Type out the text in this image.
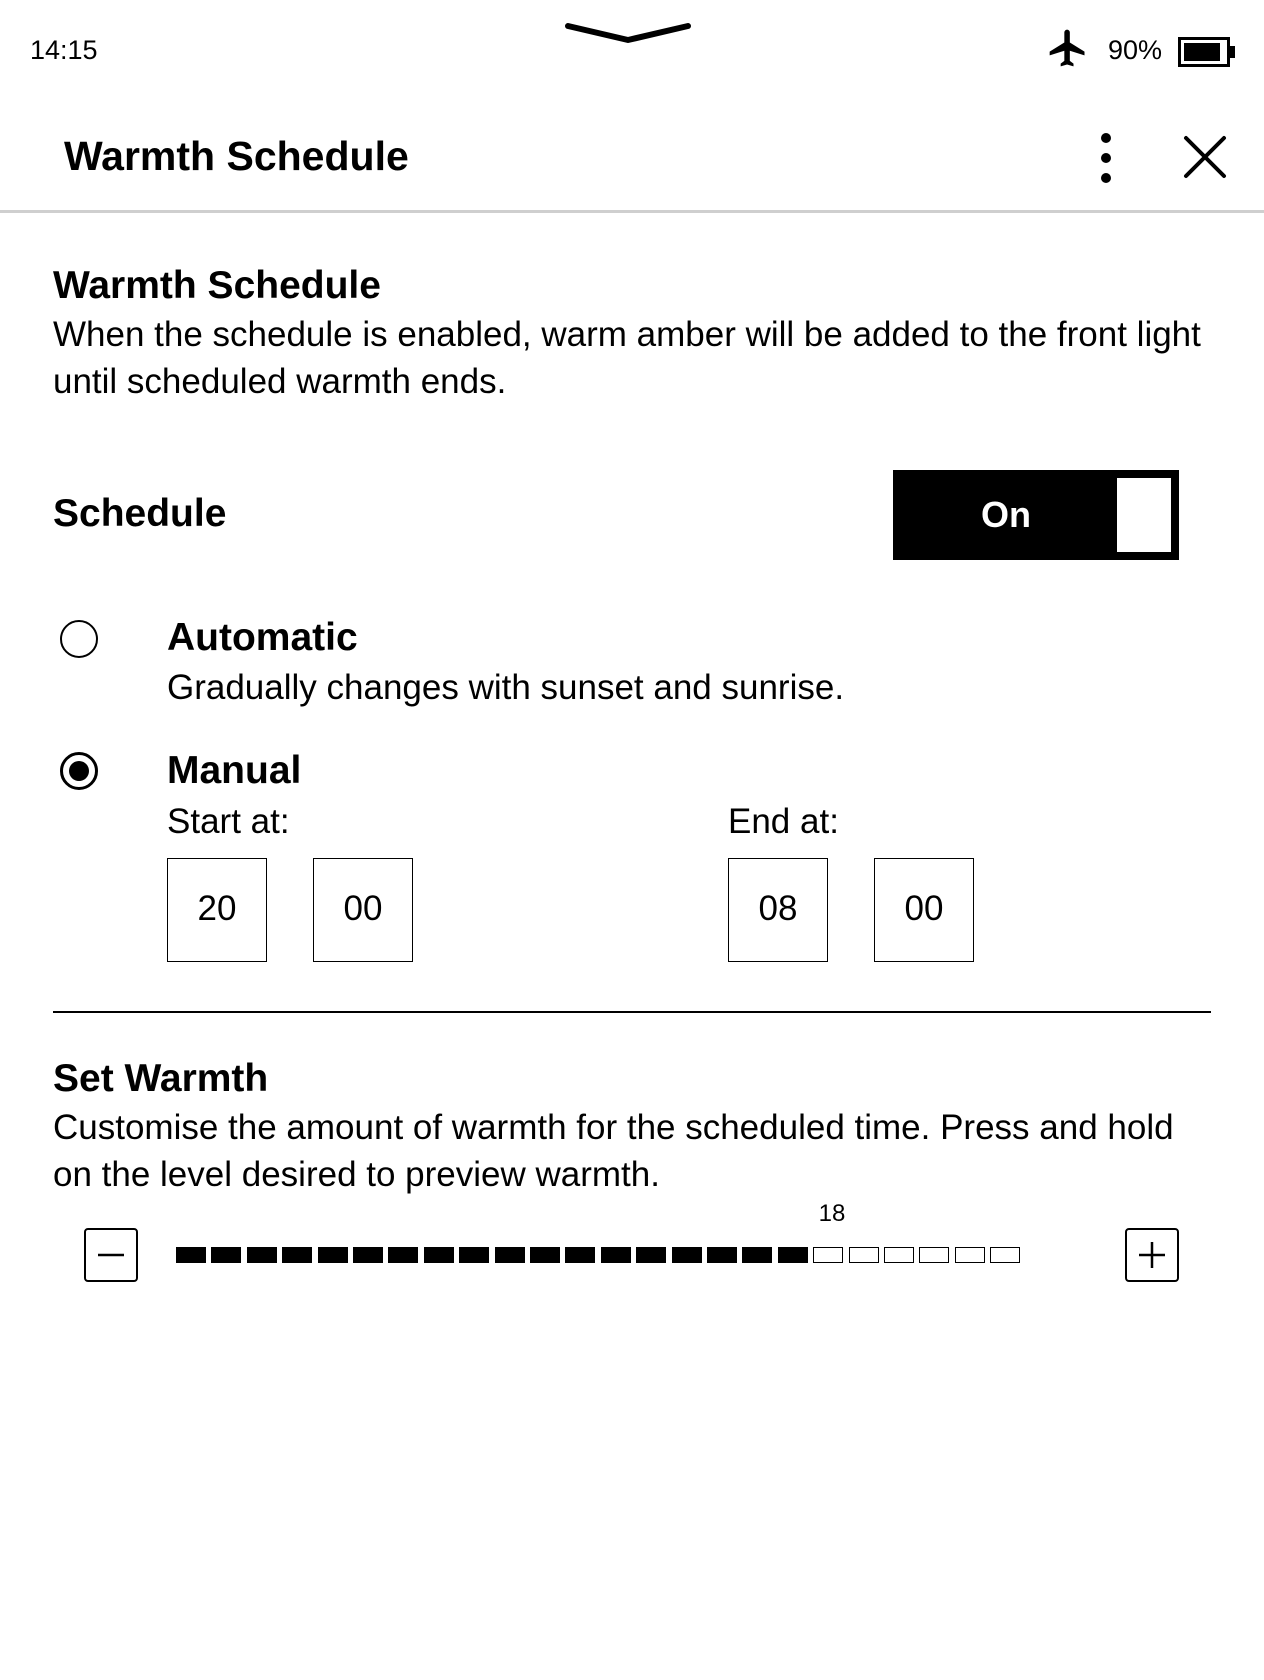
14:15	90%
Warmth Schedule
Warmth Schedule
When the schedule is enabled, warm amber will be added to the front light until scheduled warmth ends.
Schedule	On
Automatic
Gradually changes with sunset and sunrise.
Manual
Start at:	End at:
20	00	08	00
Set Warmth
Customise the amount of warmth for the scheduled time. Press and hold on the level desired to preview warmth.
18
